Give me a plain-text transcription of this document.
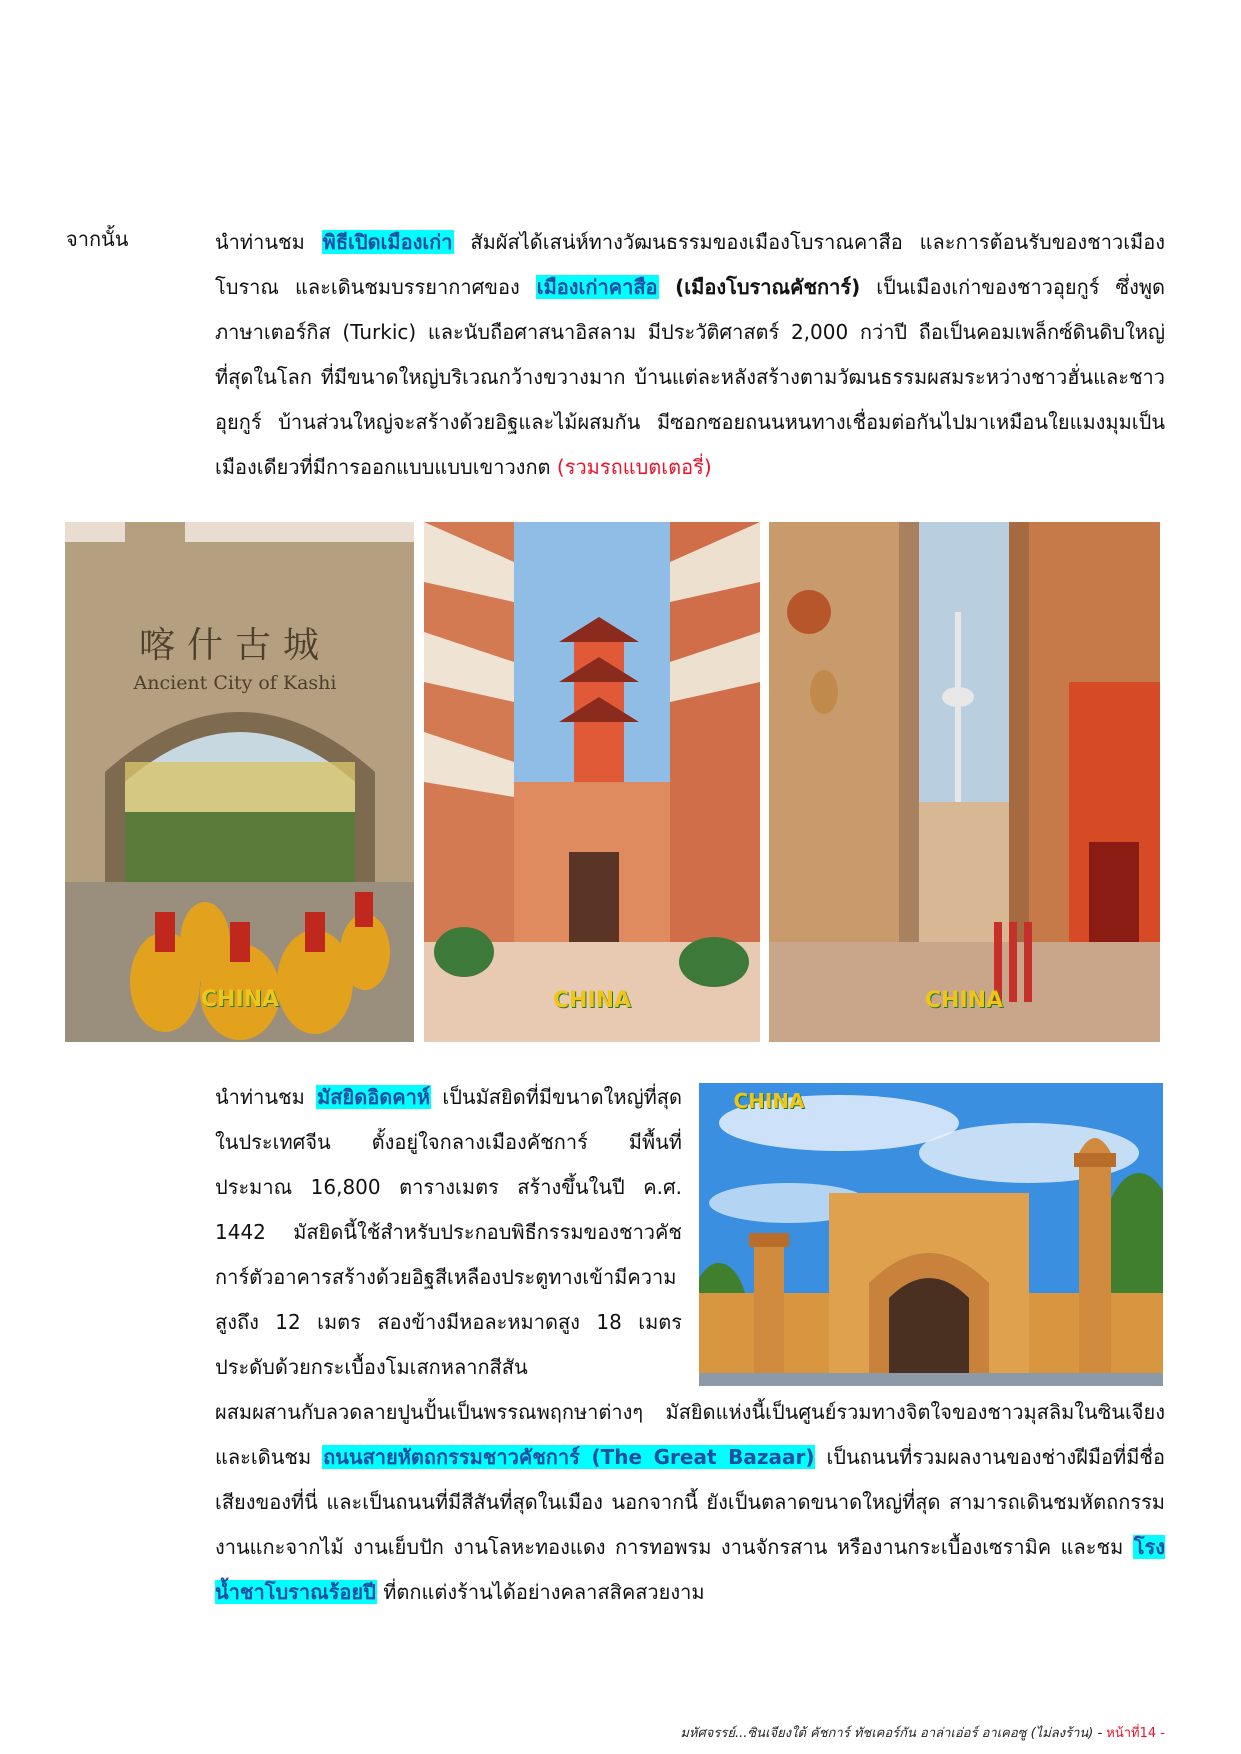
จากนั้น	นำท่านชม พิธีเปิดเมืองเก่า สัมผัสได้เสน่ห์ทางวัฒนธรรมของเมืองโบราณคาสือ และการต้อนรับของชาวเมืองโบราณ และเดินชมบรรยากาศของ เมืองเก่าคาสือ (เมืองโบราณคัชการ์) เป็นเมืองเก่าของชาวอุยกูร์ ซึ่งพูดภาษาเตอร์กิส (Turkic) และนับถือศาสนาอิสลาม มีประวัติศาสตร์ 2,000 กว่าปี ถือเป็นคอมเพล็กซ์ดินดิบใหญ่ที่สุดในโลก ที่มีขนาดใหญ่บริเวณกว้างขวางมาก บ้านแต่ละหลังสร้างตามวัฒนธรรมผสมระหว่างชาวฮั่นและชาวอุยกูร์ บ้านส่วนใหญ่จะสร้างด้วยอิฐและไม้ผสมกัน มีซอกซอยถนนหนทางเชื่อมต่อกันไปมาเหมือนใยแมงมุมเป็นเมืองเดียวที่มีการออกแบบแบบเขาวงกต (รวมรถแบตเตอรี่)

喀什古城
Ancient City of Kashi
CHINA	CHINA	CHINA

นำท่านชม มัสยิดอิดคาห์ เป็นมัสยิดที่มีขนาดใหญ่ที่สุดในประเทศจีน ตั้งอยู่ใจกลางเมืองคัชการ์ มีพื้นที่ประมาณ 16,800 ตารางเมตร สร้างขึ้นในปี ค.ศ. 1442 มัสยิดนี้ใช้สำหรับประกอบพิธีกรรมของชาวคัชการ์ตัวอาคารสร้างด้วยอิฐสีเหลืองประตูทางเข้ามีความสูงถึง 12 เมตร สองข้างมีหอละหมาดสูง 18 เมตร ประดับด้วยกระเบื้องโมเสกหลากสีสัน

CHINA

ผสมผสานกับลวดลายปูนปั้นเป็นพรรณพฤกษาต่างๆ มัสยิดแห่งนี้เป็นศูนย์รวมทางจิตใจของชาวมุสลิมในซินเจียง และเดินชม ถนนสายหัตถกรรมชาวคัชการ์ (The Great Bazaar) เป็นถนนที่รวมผลงานของช่างฝีมือที่มีชื่อเสียงของที่นี่ และเป็นถนนที่มีสีสันที่สุดในเมือง นอกจากนี้ ยังเป็นตลาดขนาดใหญ่ที่สุด สามารถเดินชมหัตถกรรมงานแกะจากไม้ งานเย็บปัก งานโลหะทองแดง การทอพรม งานจักรสาน หรืองานกระเบื้องเซรามิค และชม โรงน้ำชาโบราณร้อยปี ที่ตกแต่งร้านได้อย่างคลาสสิคสวยงาม

มหัศจรรย์...ซินเจียงใต้ คัชการ์ ทัชเคอร์กัน อาล่าเอ่อร์ อาเคอซู (ไม่ลงร้าน) - หน้าที่14 -
